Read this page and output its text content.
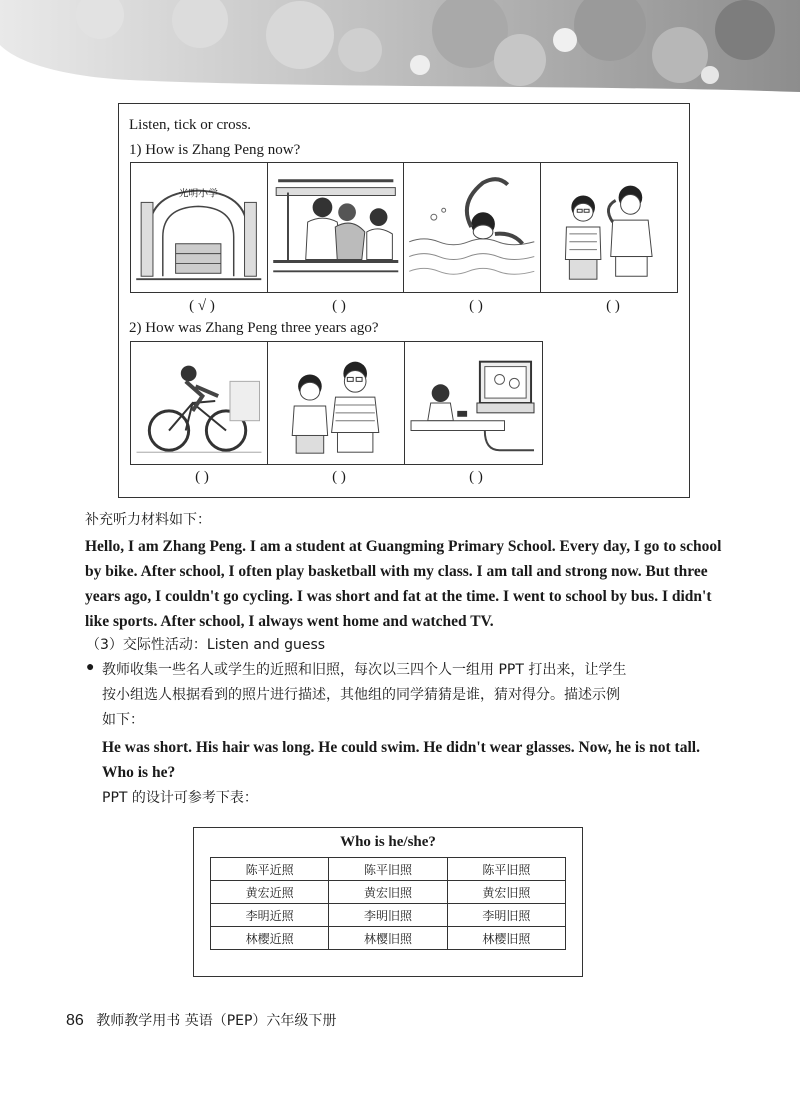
Listen, tick or cross.
1) How is Zhang Peng now?
光明小学
( √ )	( )	( )	( )
2) How was Zhang Peng three years ago?
( )	( )	( )
补充听力材料如下：
Hello, I am Zhang Peng. I am a student at Guangming Primary School. Every day, I go to school
by bike. After school, I often play basketball with my class. I am tall and strong now. But three
years ago, I couldn't go cycling. I was short and fat at the time. I went to school by bus. I didn't
like sports. After school, I always went home and watched TV.
（3）交际性活动：Listen and guess
● 教师收集一些名人或学生的近照和旧照，每次以三四个人一组用 PPT 打出来，让学生
按小组选人根据看到的照片进行描述，其他组的同学猜猜是谁，猜对得分。描述示例
如下：
He was short. His hair was long. He could swim. He didn't wear glasses. Now, he is not tall.
Who is he?
PPT 的设计可参考下表：
Who is he/she?
陈平近照	陈平旧照	陈平旧照
黄宏近照	黄宏旧照	黄宏旧照
李明近照	李明旧照	李明旧照
林樱近照	林樱旧照	林樱旧照
86 教师教学用书 英语（PEP）六年级下册
